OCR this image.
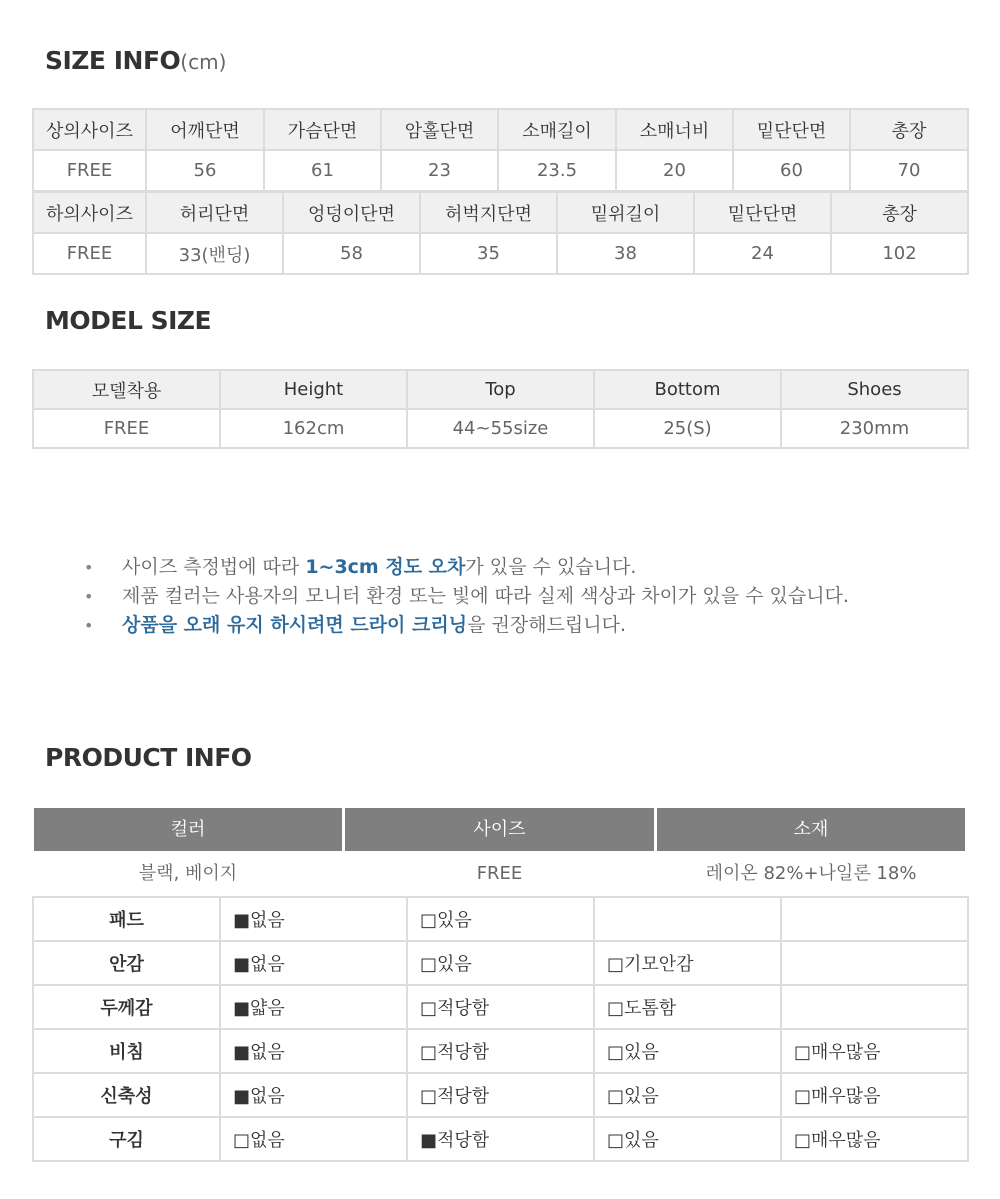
SIZE INFO(cm)
상의사이즈	어깨단면	가슴단면	암홀단면	소매길이	소매너비	밑단단면	총장
FREE	56	61	23	23.5	20	60	70
하의사이즈	허리단면	엉덩이단면	허벅지단면	밑위길이	밑단단면	총장
FREE	33(밴딩)	58	35	38	24	102
MODEL SIZE
모델착용	Height	Top	Bottom	Shoes
FREE	162cm	44~55size	25(S)	230mm
• 사이즈 측정법에 따라 1~3cm 정도 오차가 있을 수 있습니다.
• 제품 컬러는 사용자의 모니터 환경 또는 빛에 따라 실제 색상과 차이가 있을 수 있습니다.
• 상품을 오래 유지 하시려면 드라이 크리닝을 권장해드립니다.
PRODUCT INFO
컬러	사이즈	소재
블랙, 베이지	FREE	레이온 82%+나일론 18%
패드	■없음	□있음		
안감	■없음	□있음	□기모안감	
두께감	■얇음	□적당함	□도톰함	
비침	■없음	□적당함	□있음	□매우많음
신축성	■없음	□적당함	□있음	□매우많음
구김	□없음	■적당함	□있음	□매우많음
